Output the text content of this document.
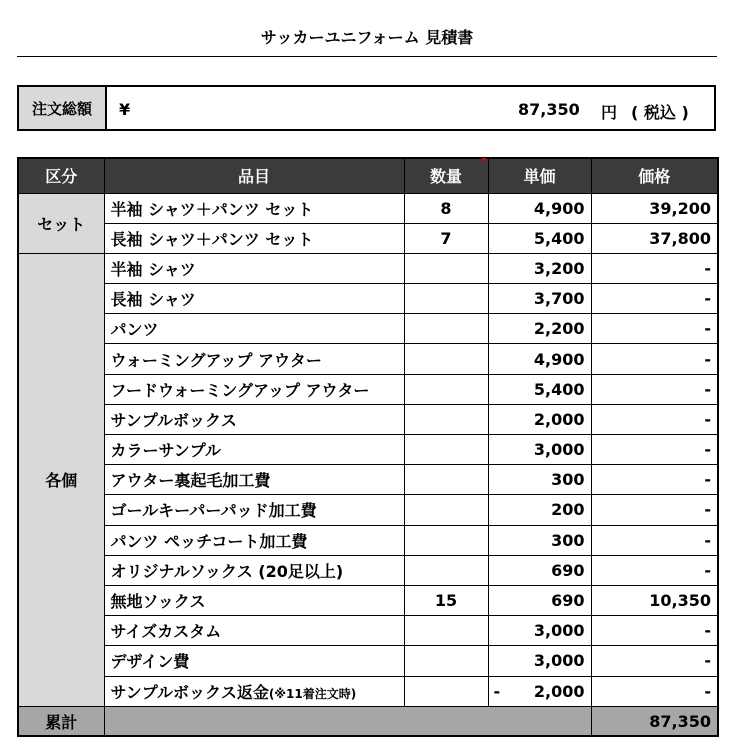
サッカーユニフォーム 見積書
注文総額	¥	87,350 円 ( 税込 )
区分	品目	数量	単価	価格
セット	半袖 シャツ＋パンツ セット	8	4,900	39,200
	長袖 シャツ＋パンツ セット	7	5,400	37,800
各個	半袖 シャツ		3,200	-
	長袖 シャツ		3,700	-
	パンツ		2,200	-
	ウォーミングアップ アウター		4,900	-
	フードウォーミングアップ アウター		5,400	-
	サンプルボックス		2,000	-
	カラーサンプル		3,000	-
	アウター裏起毛加工費		300	-
	ゴールキーパーパッド加工費		200	-
	パンツ ペッチコート加工費		300	-
	オリジナルソックス (20足以上)		690	-
	無地ソックス	15	690	10,350
	サイズカスタム		3,000	-
	デザイン費		3,000	-
	サンプルボックス返金(※11着注文時)		- 2,000	-
累計				87,350
